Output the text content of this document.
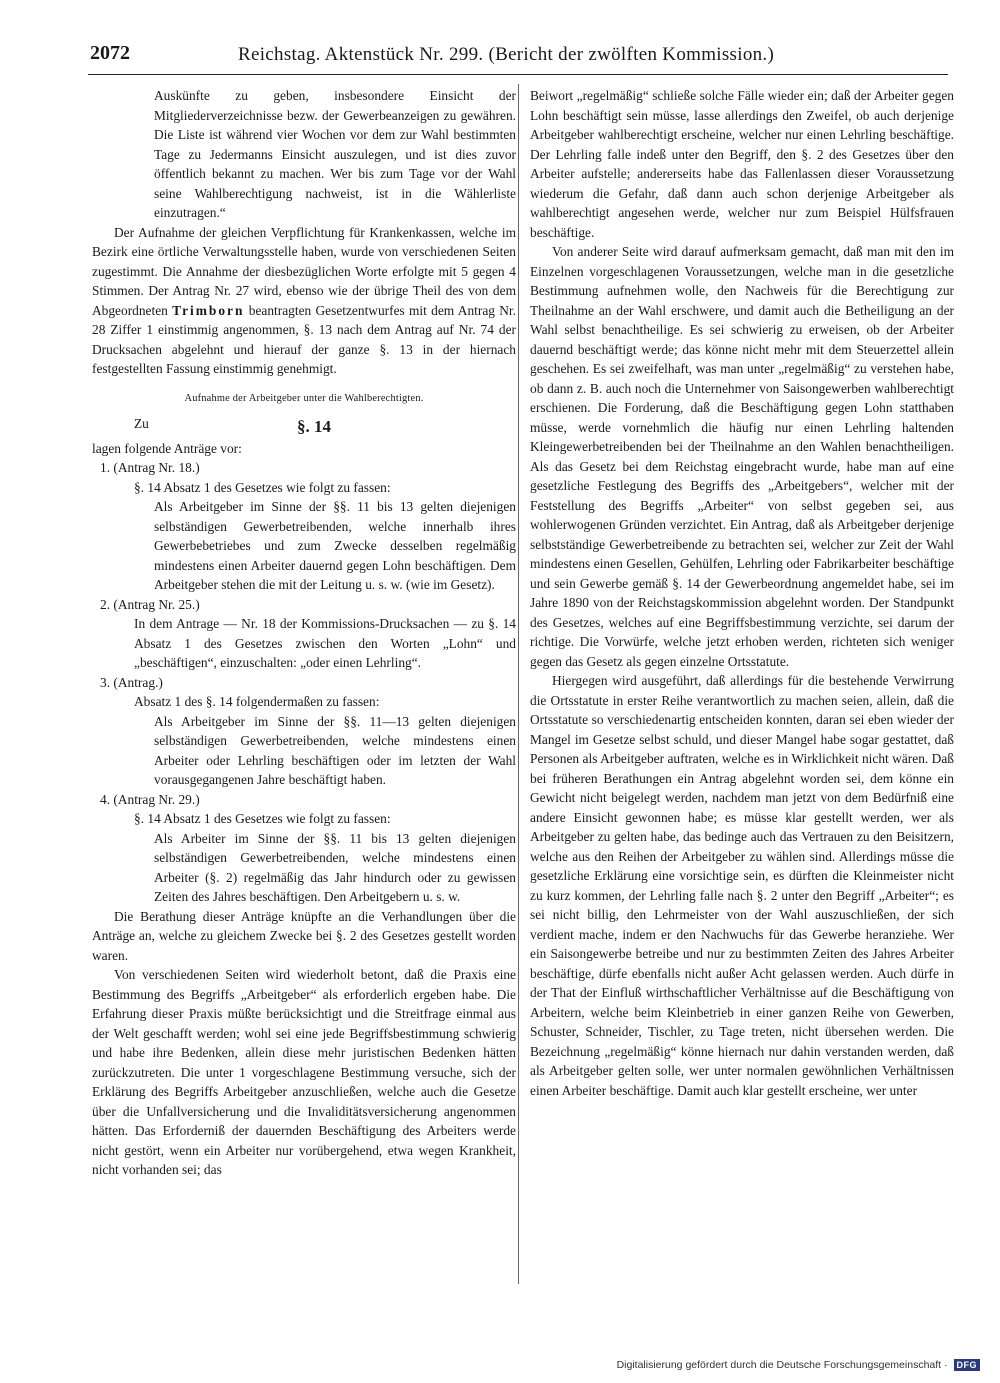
2072	Reichstag. Aktenstück Nr. 299. (Bericht der zwölften Kommission.)

Auskünfte zu geben, insbesondere Einsicht der Mitgliederverzeichnisse bezw. der Gewerbeanzeigen zu gewähren. Die Liste ist während vier Wochen vor dem zur Wahl bestimmten Tage zu Jedermanns Einsicht auszulegen, und ist dies zuvor öffentlich bekannt zu machen. Wer bis zum Tage vor der Wahl seine Wahlberechtigung nachweist, ist in die Wählerliste einzutragen.“

Der Aufnahme der gleichen Verpflichtung für Krankenkassen, welche im Bezirk eine örtliche Verwaltungsstelle haben, wurde von verschiedenen Seiten zugestimmt. Die Annahme der diesbezüglichen Worte erfolgte mit 5 gegen 4 Stimmen. Der Antrag Nr. 27 wird, ebenso wie der übrige Theil des von dem Abgeordneten Trimborn beantragten Gesetzentwurfes mit dem Antrag Nr. 28 Ziffer 1 einstimmig angenommen, §. 13 nach dem Antrag auf Nr. 74 der Drucksachen abgelehnt und hierauf der ganze §. 13 in der hiernach festgestellten Fassung einstimmig genehmigt.

Aufnahme der Arbeitgeber unter die Wahlberechtigten.

Zu	§. 14

lagen folgende Anträge vor:

1. (Antrag Nr. 18.)

§. 14 Absatz 1 des Gesetzes wie folgt zu fassen:

Als Arbeitgeber im Sinne der §§. 11 bis 13 gelten diejenigen selbständigen Gewerbetreibenden, welche innerhalb ihres Gewerbebetriebes und zum Zwecke desselben regelmäßig mindestens einen Arbeiter dauernd gegen Lohn beschäftigen. Dem Arbeitgeber stehen die mit der Leitung u. s. w. (wie im Gesetz).

2. (Antrag Nr. 25.)

In dem Antrage — Nr. 18 der Kommissions-Drucksachen — zu §. 14 Absatz 1 des Gesetzes zwischen den Worten „Lohn“ und „beschäftigen“, einzuschalten: „oder einen Lehrling“.

3. (Antrag.)

Absatz 1 des §. 14 folgendermaßen zu fassen:

Als Arbeitgeber im Sinne der §§. 11—13 gelten diejenigen selbständigen Gewerbetreibenden, welche mindestens einen Arbeiter oder Lehrling beschäftigen oder im letzten der Wahl vorausgegangenen Jahre beschäftigt haben.

4. (Antrag Nr. 29.)

§. 14 Absatz 1 des Gesetzes wie folgt zu fassen:

Als Arbeiter im Sinne der §§. 11 bis 13 gelten diejenigen selbständigen Gewerbetreibenden, welche mindestens einen Arbeiter (§. 2) regelmäßig das Jahr hindurch oder zu gewissen Zeiten des Jahres beschäftigen. Den Arbeitgebern u. s. w.

Die Berathung dieser Anträge knüpfte an die Verhandlungen über die Anträge an, welche zu gleichem Zwecke bei §. 2 des Gesetzes gestellt worden waren.

Von verschiedenen Seiten wird wiederholt betont, daß die Praxis eine Bestimmung des Begriffs „Arbeitgeber“ als erforderlich ergeben habe. Die Erfahrung dieser Praxis müßte berücksichtigt und die Streitfrage einmal aus der Welt geschafft werden; wohl sei eine jede Begriffsbestimmung schwierig und habe ihre Bedenken, allein diese mehr juristischen Bedenken hätten zurückzutreten. Die unter 1 vorgeschlagene Bestimmung versuche, sich der Erklärung des Begriffs Arbeitgeber anzuschließen, welche auch die Gesetze über die Unfallversicherung und die Invaliditätsversicherung angenommen hätten. Das Erforderniß der dauernden Beschäftigung des Arbeiters werde nicht gestört, wenn ein Arbeiter nur vorübergehend, etwa wegen Krankheit, nicht vorhanden sei; das

Beiwort „regelmäßig“ schließe solche Fälle wieder ein; daß der Arbeiter gegen Lohn beschäftigt sein müsse, lasse allerdings den Zweifel, ob auch derjenige Arbeitgeber wahlberechtigt erscheine, welcher nur einen Lehrling beschäftige. Der Lehrling falle indeß unter den Begriff, den §. 2 des Gesetzes über den Arbeiter aufstelle; andererseits habe das Fallenlassen dieser Voraussetzung wiederum die Gefahr, daß dann auch schon derjenige Arbeitgeber als wahlberechtigt angesehen werde, welcher nur zum Beispiel Hülfsfrauen beschäftige.

Von anderer Seite wird darauf aufmerksam gemacht, daß man mit den im Einzelnen vorgeschlagenen Voraussetzungen, welche man in die gesetzliche Bestimmung aufnehmen wolle, den Nachweis für die Berechtigung zur Theilnahme an der Wahl erschwere, und damit auch die Betheiligung an der Wahl selbst benachtheilige. Es sei schwierig zu erweisen, ob der Arbeiter dauernd beschäftigt werde; das könne nicht mehr mit dem Steuerzettel allein geschehen. Es sei zweifelhaft, was man unter „regelmäßig“ zu verstehen habe, ob dann z. B. auch noch die Unternehmer von Saisongewerben wahlberechtigt erschienen. Die Forderung, daß die Beschäftigung gegen Lohn statthaben müsse, werde vornehmlich die häufig nur einen Lehrling haltenden Kleingewerbetreibenden bei der Theilnahme an den Wahlen benachtheiligen. Als das Gesetz bei dem Reichstag eingebracht wurde, habe man auf eine gesetzliche Festlegung des Begriffs des „Arbeitgebers“, welcher mit der Feststellung des Begriffs „Arbeiter“ von selbst gegeben sei, aus wohlerwogenen Gründen verzichtet. Ein Antrag, daß als Arbeitgeber derjenige selbstständige Gewerbetreibende zu betrachten sei, welcher zur Zeit der Wahl mindestens einen Gesellen, Gehülfen, Lehrling oder Fabrikarbeiter beschäftige und sein Gewerbe gemäß §. 14 der Gewerbeordnung angemeldet habe, sei im Jahre 1890 von der Reichstagskommission abgelehnt worden. Der Standpunkt des Gesetzes, welches auf eine Begriffsbestimmung verzichte, sei darum der richtige. Die Vorwürfe, welche jetzt erhoben werden, richteten sich weniger gegen das Gesetz als gegen einzelne Ortsstatute.

Hiergegen wird ausgeführt, daß allerdings für die bestehende Verwirrung die Ortsstatute in erster Reihe verantwortlich zu machen seien, allein, daß die Ortsstatute so verschiedenartig entscheiden konnten, daran sei eben wieder der Mangel im Gesetze selbst schuld, und dieser Mangel habe sogar gestattet, daß Personen als Arbeitgeber auftraten, welche es in Wirklichkeit nicht wären. Daß bei früheren Berathungen ein Antrag abgelehnt worden sei, dem könne ein Gewicht nicht beigelegt werden, nachdem man jetzt von dem Bedürfniß eine andere Einsicht gewonnen habe; es müsse klar gestellt werden, wer als Arbeitgeber zu gelten habe, das bedinge auch das Vertrauen zu den Beisitzern, welche aus den Reihen der Arbeitgeber zu wählen sind. Allerdings müsse die gesetzliche Erklärung eine vorsichtige sein, es dürften die Kleinmeister nicht zu kurz kommen, der Lehrling falle nach §. 2 unter den Begriff „Arbeiter“; es sei nicht billig, den Lehrmeister von der Wahl auszuschließen, der sich verdient mache, indem er den Nachwuchs für das Gewerbe heranziehe. Wer ein Saisongewerbe betreibe und nur zu bestimmten Zeiten des Jahres Arbeiter beschäftige, dürfe ebenfalls nicht außer Acht gelassen werden. Auch dürfe in der That der Einfluß wirthschaftlicher Verhältnisse auf die Beschäftigung von Arbeitern, welche beim Kleinbetrieb in einer ganzen Reihe von Gewerben, Schuster, Schneider, Tischler, zu Tage treten, nicht übersehen werden. Die Bezeichnung „regelmäßig“ könne hiernach nur dahin verstanden werden, daß als Arbeitgeber gelten solle, wer unter normalen gewöhnlichen Verhältnissen einen Arbeiter beschäftige. Damit auch klar gestellt erscheine, wer unter

Digitalisierung gefördert durch die Deutsche Forschungsgemeinschaft ·	DFG
